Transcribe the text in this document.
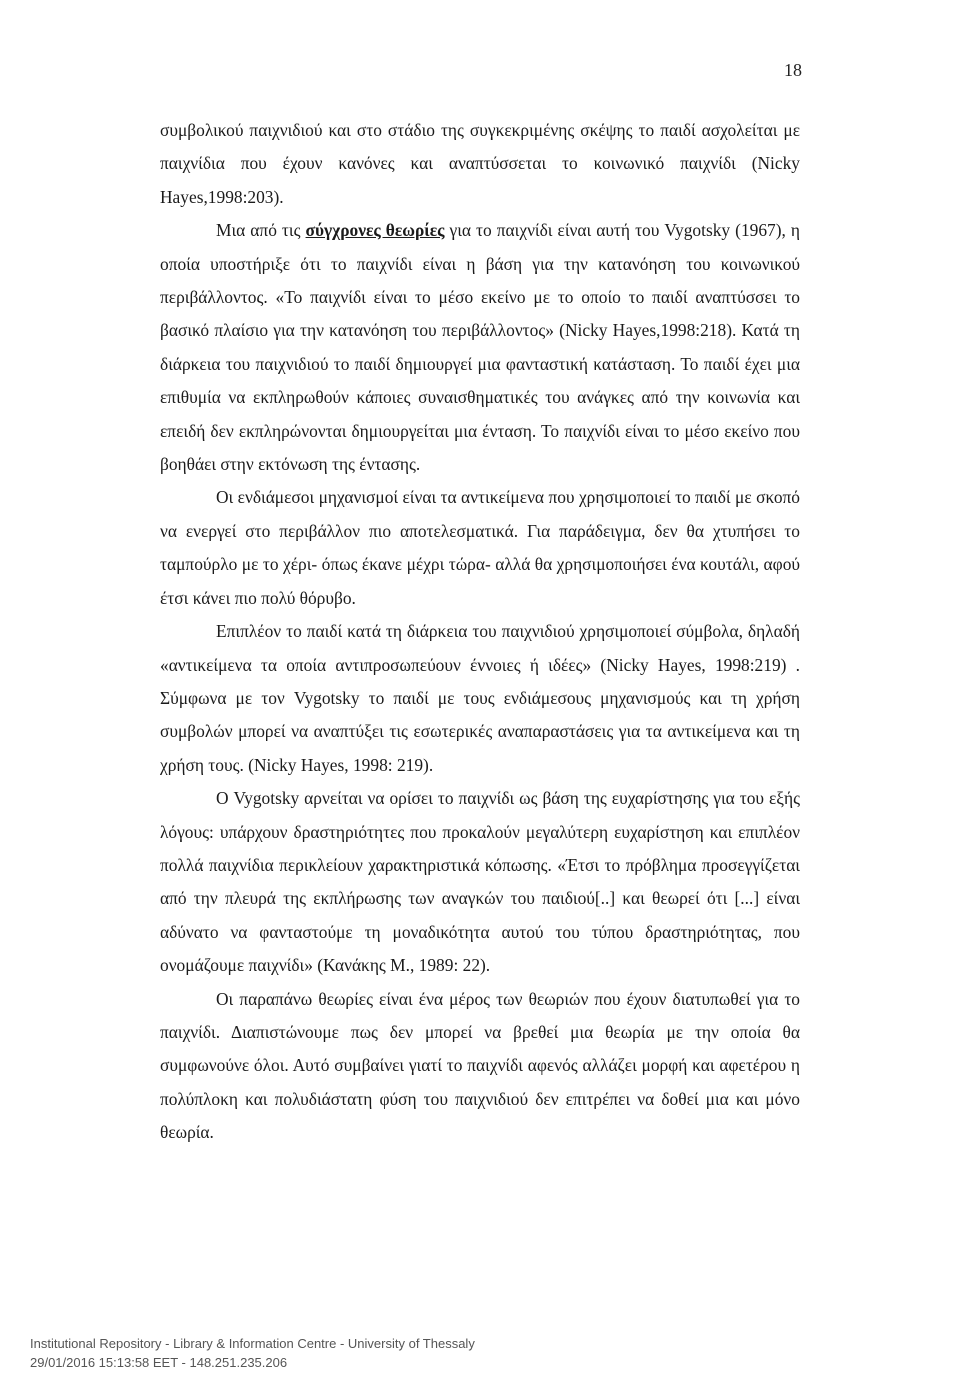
18

συμβολικού παιχνιδιού και στο στάδιο της συγκεκριμένης σκέψης το παιδί ασχολείται με παιχνίδια που έχουν κανόνες και αναπτύσσεται το κοινωνικό παιχνίδι (Nicky Hayes,1998:203).

Μια από τις σύγχρονες θεωρίες για το παιχνίδι είναι αυτή του Vygotsky (1967), η οποία υποστήριξε ότι το παιχνίδι είναι η βάση για την κατανόηση του κοινωνικού περιβάλλοντος. «Το παιχνίδι είναι το μέσο εκείνο με το οποίο το παιδί αναπτύσσει το βασικό πλαίσιο για την κατανόηση του περιβάλλοντος» (Nicky Hayes,1998:218). Κατά τη διάρκεια του παιχνιδιού το παιδί δημιουργεί μια φανταστική κατάσταση. Το παιδί έχει μια επιθυμία να εκπληρωθούν κάποιες συναισθηματικές του ανάγκες από την κοινωνία και επειδή δεν εκπληρώνονται δημιουργείται μια ένταση. Το παιχνίδι είναι το μέσο εκείνο που βοηθάει στην εκτόνωση της έντασης.

Οι ενδιάμεσοι μηχανισμοί είναι τα αντικείμενα που χρησιμοποιεί το παιδί με σκοπό να ενεργεί στο περιβάλλον πιο αποτελεσματικά. Για παράδειγμα, δεν θα χτυπήσει το ταμπούρλο με το χέρι- όπως έκανε μέχρι τώρα- αλλά θα χρησιμοποιήσει ένα κουτάλι, αφού έτσι κάνει πιο πολύ θόρυβο.

Επιπλέον το παιδί κατά τη διάρκεια του παιχνιδιού χρησιμοποιεί σύμβολα, δηλαδή «αντικείμενα τα οποία αντιπροσωπεύουν έννοιες ή ιδέες» (Nicky Hayes, 1998:219) . Σύμφωνα με τον Vygotsky το παιδί με τους ενδιάμεσους μηχανισμούς και τη χρήση συμβολών μπορεί να αναπτύξει τις εσωτερικές αναπαραστάσεις για τα αντικείμενα και τη χρήση τους. (Nicky Hayes, 1998: 219).

Ο Vygotsky αρνείται να ορίσει το παιχνίδι ως βάση της ευχαρίστησης για του εξής λόγους: υπάρχουν δραστηριότητες που προκαλούν μεγαλύτερη ευχαρίστηση και επιπλέον πολλά παιχνίδια περικλείουν χαρακτηριστικά κόπωσης. «Έτσι το πρόβλημα προσεγγίζεται από την πλευρά της εκπλήρωσης των αναγκών του παιδιού[..] και θεωρεί ότι [...] είναι αδύνατο να φανταστούμε τη μοναδικότητα αυτού του τύπου δραστηριότητας, που ονομάζουμε παιχνίδι» (Κανάκης Μ., 1989: 22).

Οι παραπάνω θεωρίες είναι ένα μέρος των θεωριών που έχουν διατυπωθεί για το παιχνίδι. Διαπιστώνουμε πως δεν μπορεί να βρεθεί μια θεωρία με την οποία θα συμφωνούνε όλοι. Αυτό συμβαίνει γιατί το παιχνίδι αφενός αλλάζει μορφή και αφετέρου η πολύπλοκη και πολυδιάστατη φύση του παιχνιδιού δεν επιτρέπει να δοθεί μια και μόνο θεωρία.

Institutional Repository - Library & Information Centre - University of Thessaly
29/01/2016 15:13:58 EET - 148.251.235.206
